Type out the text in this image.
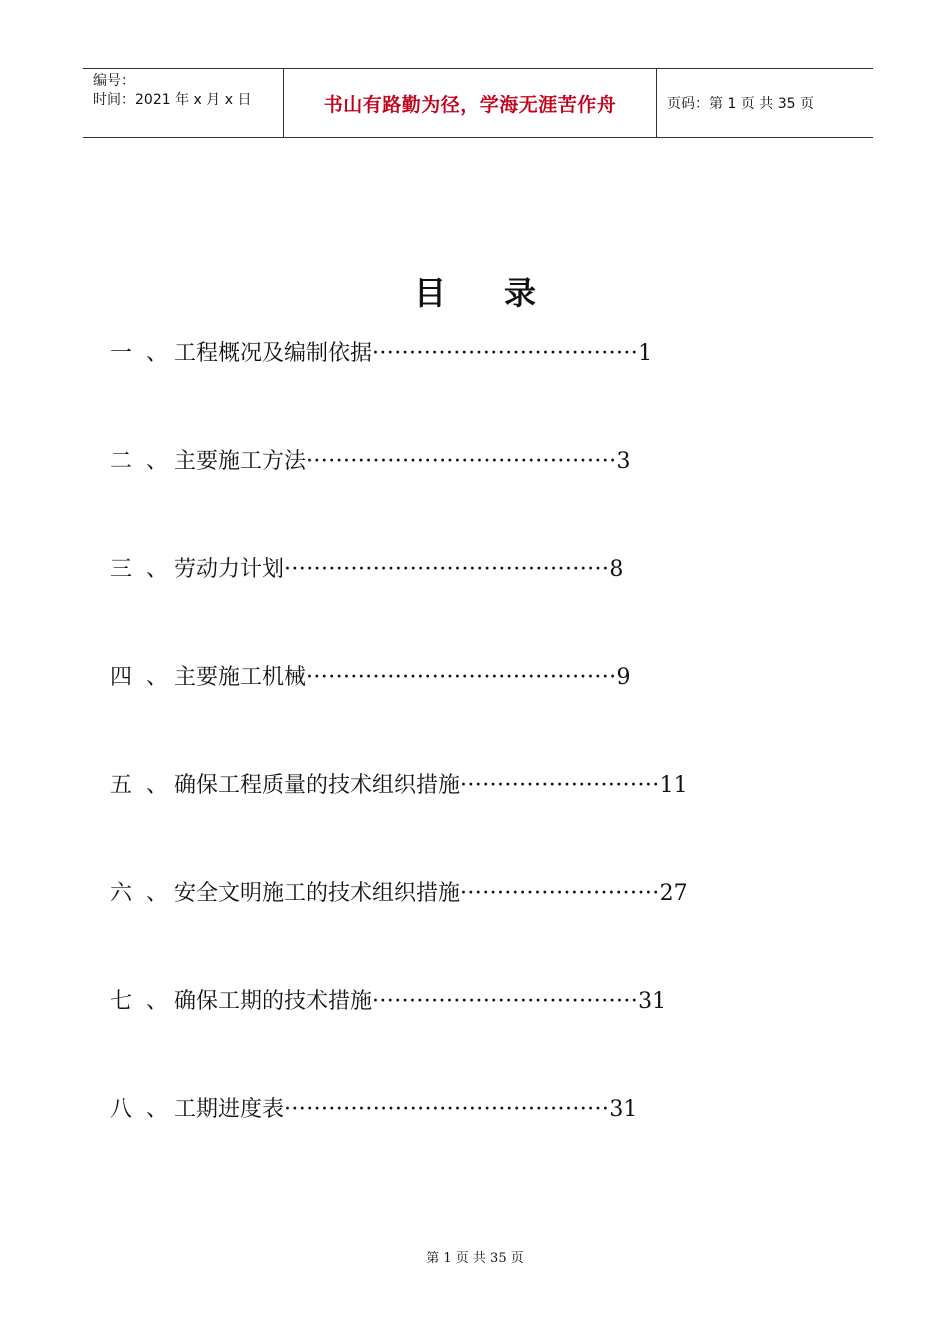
编号：
时间：2021 年 x 月 x 日	书山有路勤为径，学海无涯苦作舟	页码：第 1 页 共 35 页
目 录
一 、 工程概况及编制依据 ···································· 1
二 、 主要施工方法 ·········································· 3
三 、 劳动力计划 ············································ 8
四 、 主要施工机械 ·········································· 9
五 、 确保工程质量的技术组织措施 ··························· 11
六 、 安全文明施工的技术组织措施 ··························· 27
七 、 确保工期的技术措施 ···································· 31
八 、 工期进度表 ············································ 31
第 1 页 共 35 页
